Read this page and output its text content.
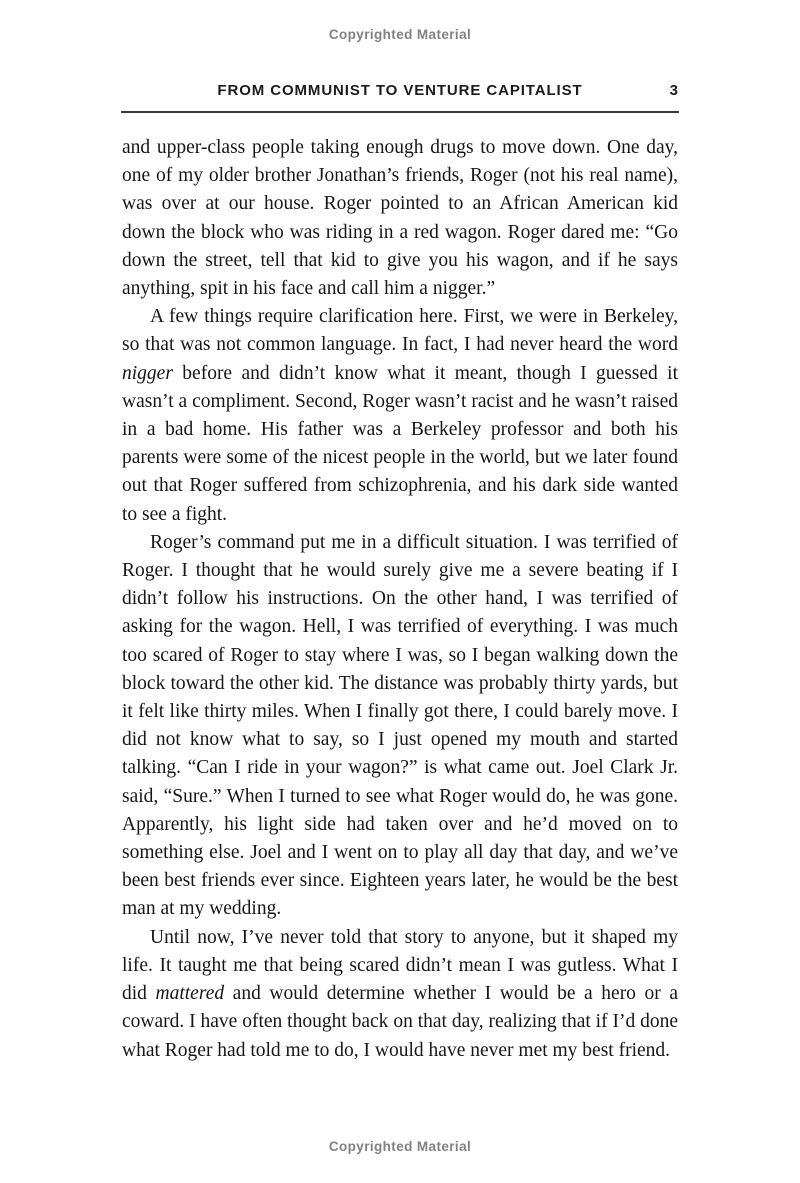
Copyrighted Material
FROM COMMUNIST TO VENTURE CAPITALIST	3

and upper-class people taking enough drugs to move down. One day, one of my older brother Jonathan’s friends, Roger (not his real name), was over at our house. Roger pointed to an African American kid down the block who was riding in a red wagon. Roger dared me: “Go down the street, tell that kid to give you his wagon, and if he says anything, spit in his face and call him a nigger.”

A few things require clarification here. First, we were in Berkeley, so that was not common language. In fact, I had never heard the word nigger before and didn’t know what it meant, though I guessed it wasn’t a compliment. Second, Roger wasn’t racist and he wasn’t raised in a bad home. His father was a Berkeley professor and both his parents were some of the nicest people in the world, but we later found out that Roger suffered from schizophrenia, and his dark side wanted to see a fight.

Roger’s command put me in a difficult situation. I was terrified of Roger. I thought that he would surely give me a severe beating if I didn’t follow his instructions. On the other hand, I was terrified of asking for the wagon. Hell, I was terrified of everything. I was much too scared of Roger to stay where I was, so I began walking down the block toward the other kid. The distance was probably thirty yards, but it felt like thirty miles. When I finally got there, I could barely move. I did not know what to say, so I just opened my mouth and started talking. “Can I ride in your wagon?” is what came out. Joel Clark Jr. said, “Sure.” When I turned to see what Roger would do, he was gone. Apparently, his light side had taken over and he’d moved on to something else. Joel and I went on to play all day that day, and we’ve been best friends ever since. Eighteen years later, he would be the best man at my wedding.

Until now, I’ve never told that story to anyone, but it shaped my life. It taught me that being scared didn’t mean I was gutless. What I did mattered and would determine whether I would be a hero or a coward. I have often thought back on that day, realizing that if I’d done what Roger had told me to do, I would have never met my best friend.

Copyrighted Material
